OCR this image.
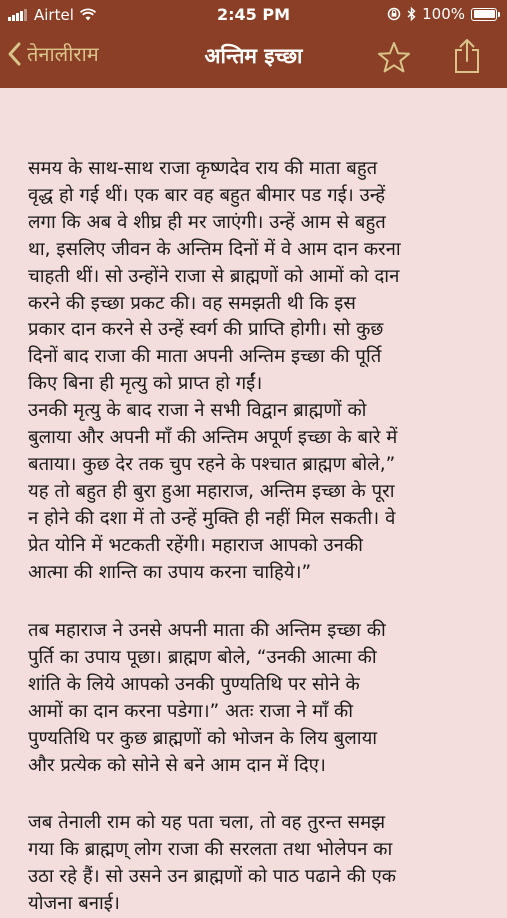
Airtel	2:45 PM	100%
तेनालीराम	अन्तिम इच्छा

समय के साथ-साथ राजा कृष्णदेव राय की माता बहुत
वृद्ध हो गई थीं। एक बार वह बहुत बीमार पड गई। उन्हें
लगा कि अब वे शीघ्र ही मर जाएंगी। उन्हें आम से बहुत
था, इसलिए जीवन के अन्तिम दिनों में वे आम दान करना
चाहती थीं। सो उन्होंने राजा से ब्राह्मणों को आमों को दान
करने की इच्छा प्रकट की। वह समझती थी कि इस
प्रकार दान करने से उन्हें स्वर्ग की प्राप्ति होगी। सो कुछ
दिनों बाद राजा की माता अपनी अन्तिम इच्छा की पूर्ति
किए बिना ही मृत्यु को प्राप्त हो गईं।
उनकी मृत्यु के बाद राजा ने सभी विद्वान ब्राह्मणों को
बुलाया और अपनी माँ की अन्तिम अपूर्ण इच्छा के बारे में
बताया। कुछ देर तक चुप रहने के पश्चात ब्राह्मण बोले,”
यह तो बहुत ही बुरा हुआ महाराज, अन्तिम इच्छा के पूरा
न होने की दशा में तो उन्हें मुक्ति ही नहीं मिल सकती। वे
प्रेत योनि में भटकती रहेंगी। महाराज आपको उनकी
आत्मा की शान्ति का उपाय करना चाहिये।”

तब महाराज ने उनसे अपनी माता की अन्तिम इच्छा की
पुर्ति का उपाय पूछा। ब्राह्मण बोले, “उनकी आत्मा की
शांति के लिये आपको उनकी पुण्यतिथि पर सोने के
आमों का दान करना पडेगा।” अतः राजा ने माँ की
पुण्यतिथि पर कुछ ब्राह्मणों को भोजन के लिय बुलाया
और प्रत्येक को सोने से बने आम दान में दिए।

जब तेनाली राम को यह पता चला, तो वह तुरन्त समझ
गया कि ब्राह्मण् लोग राजा की सरलता तथा भोलेपन का
उठा रहे हैं। सो उसने उन ब्राह्मणों को पाठ पढाने की एक
योजना बनाई।
